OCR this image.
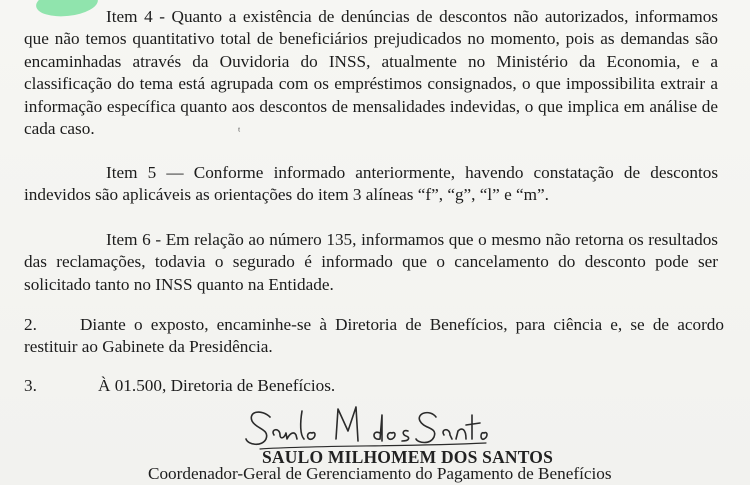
Item 4 - Quanto a existência de denúncias de descontos não autorizados, informamos que não temos quantitativo total de beneficiários prejudicados no momento, pois as demandas são encaminhadas através da Ouvidoria do INSS, atualmente no Ministério da Economia, e a classificação do tema está agrupada com os empréstimos consignados, o que impossibilita extrair a informação específica quanto aos descontos de mensalidades indevidas, o que implica em análise de cada caso.	ᵗ

Item 5 — Conforme informado anteriormente, havendo constatação de descontos indevidos são aplicáveis as orientações do item 3 alíneas “f”, “g”, “l” e “m”.

Item 6 - Em relação ao número 135, informamos que o mesmo não retorna os resultados das reclamações, todavia o segurado é informado que o cancelamento do desconto pode ser solicitado tanto no INSS quanto na Entidade.

2.	Diante o exposto, encaminhe-se à Diretoria de Benefícios, para ciência e, se de acordo restituir ao Gabinete da Presidência.

3.	À 01.500, Diretoria de Benefícios.

SAULO MILHOMEM DOS SANTOS
Coordenador-Geral de Gerenciamento do Pagamento de Benefícios
